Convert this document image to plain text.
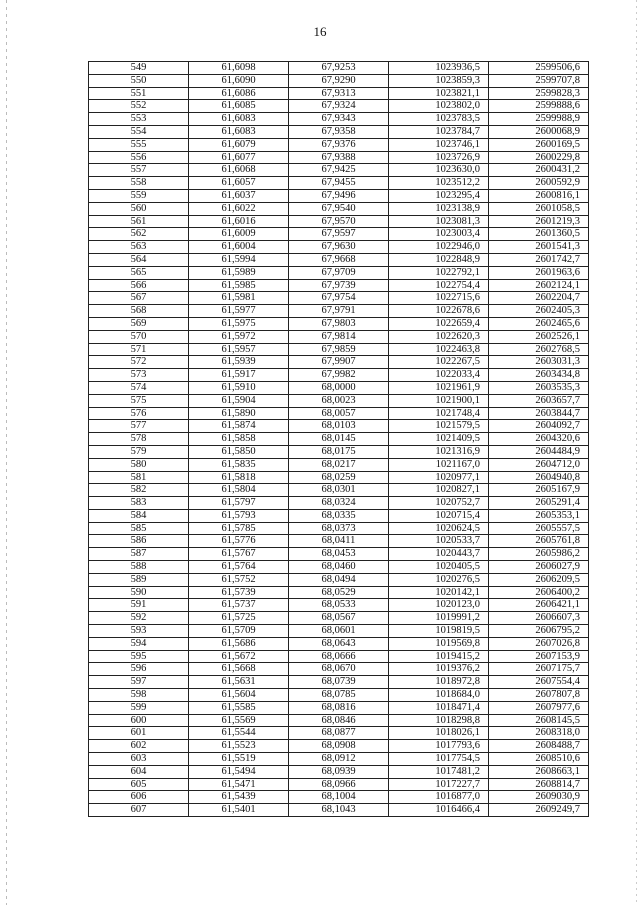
16
549	61,6098	67,9253	1023936,5	2599506,6
550	61,6090	67,9290	1023859,3	2599707,8
551	61,6086	67,9313	1023821,1	2599828,3
552	61,6085	67,9324	1023802,0	2599888,6
553	61,6083	67,9343	1023783,5	2599988,9
554	61,6083	67,9358	1023784,7	2600068,9
555	61,6079	67,9376	1023746,1	2600169,5
556	61,6077	67,9388	1023726,9	2600229,8
557	61,6068	67,9425	1023630,0	2600431,2
558	61,6057	67,9455	1023512,2	2600592,9
559	61,6037	67,9496	1023295,4	2600816,1
560	61,6022	67,9540	1023138,9	2601058,5
561	61,6016	67,9570	1023081,3	2601219,3
562	61,6009	67,9597	1023003,4	2601360,5
563	61,6004	67,9630	1022946,0	2601541,3
564	61,5994	67,9668	1022848,9	2601742,7
565	61,5989	67,9709	1022792,1	2601963,6
566	61,5985	67,9739	1022754,4	2602124,1
567	61,5981	67,9754	1022715,6	2602204,7
568	61,5977	67,9791	1022678,6	2602405,3
569	61,5975	67,9803	1022659,4	2602465,6
570	61,5972	67,9814	1022620,3	2602526,1
571	61,5957	67,9859	1022463,8	2602768,5
572	61,5939	67,9907	1022267,5	2603031,3
573	61,5917	67,9982	1022033,4	2603434,8
574	61,5910	68,0000	1021961,9	2603535,3
575	61,5904	68,0023	1021900,1	2603657,7
576	61,5890	68,0057	1021748,4	2603844,7
577	61,5874	68,0103	1021579,5	2604092,7
578	61,5858	68,0145	1021409,5	2604320,6
579	61,5850	68,0175	1021316,9	2604484,9
580	61,5835	68,0217	1021167,0	2604712,0
581	61,5818	68,0259	1020977,1	2604940,8
582	61,5804	68,0301	1020827,1	2605167,9
583	61,5797	68,0324	1020752,7	2605291,4
584	61,5793	68,0335	1020715,4	2605353,1
585	61,5785	68,0373	1020624,5	2605557,5
586	61,5776	68,0411	1020533,7	2605761,8
587	61,5767	68,0453	1020443,7	2605986,2
588	61,5764	68,0460	1020405,5	2606027,9
589	61,5752	68,0494	1020276,5	2606209,5
590	61,5739	68,0529	1020142,1	2606400,2
591	61,5737	68,0533	1020123,0	2606421,1
592	61,5725	68,0567	1019991,2	2606607,3
593	61,5709	68,0601	1019819,5	2606795,2
594	61,5686	68,0643	1019569,8	2607026,8
595	61,5672	68,0666	1019415,2	2607153,9
596	61,5668	68,0670	1019376,2	2607175,7
597	61,5631	68,0739	1018972,8	2607554,4
598	61,5604	68,0785	1018684,0	2607807,8
599	61,5585	68,0816	1018471,4	2607977,6
600	61,5569	68,0846	1018298,8	2608145,5
601	61,5544	68,0877	1018026,1	2608318,0
602	61,5523	68,0908	1017793,6	2608488,7
603	61,5519	68,0912	1017754,5	2608510,6
604	61,5494	68,0939	1017481,2	2608663,1
605	61,5471	68,0966	1017227,7	2608814,7
606	61,5439	68,1004	1016877,0	2609030,9
607	61,5401	68,1043	1016466,4	2609249,7
